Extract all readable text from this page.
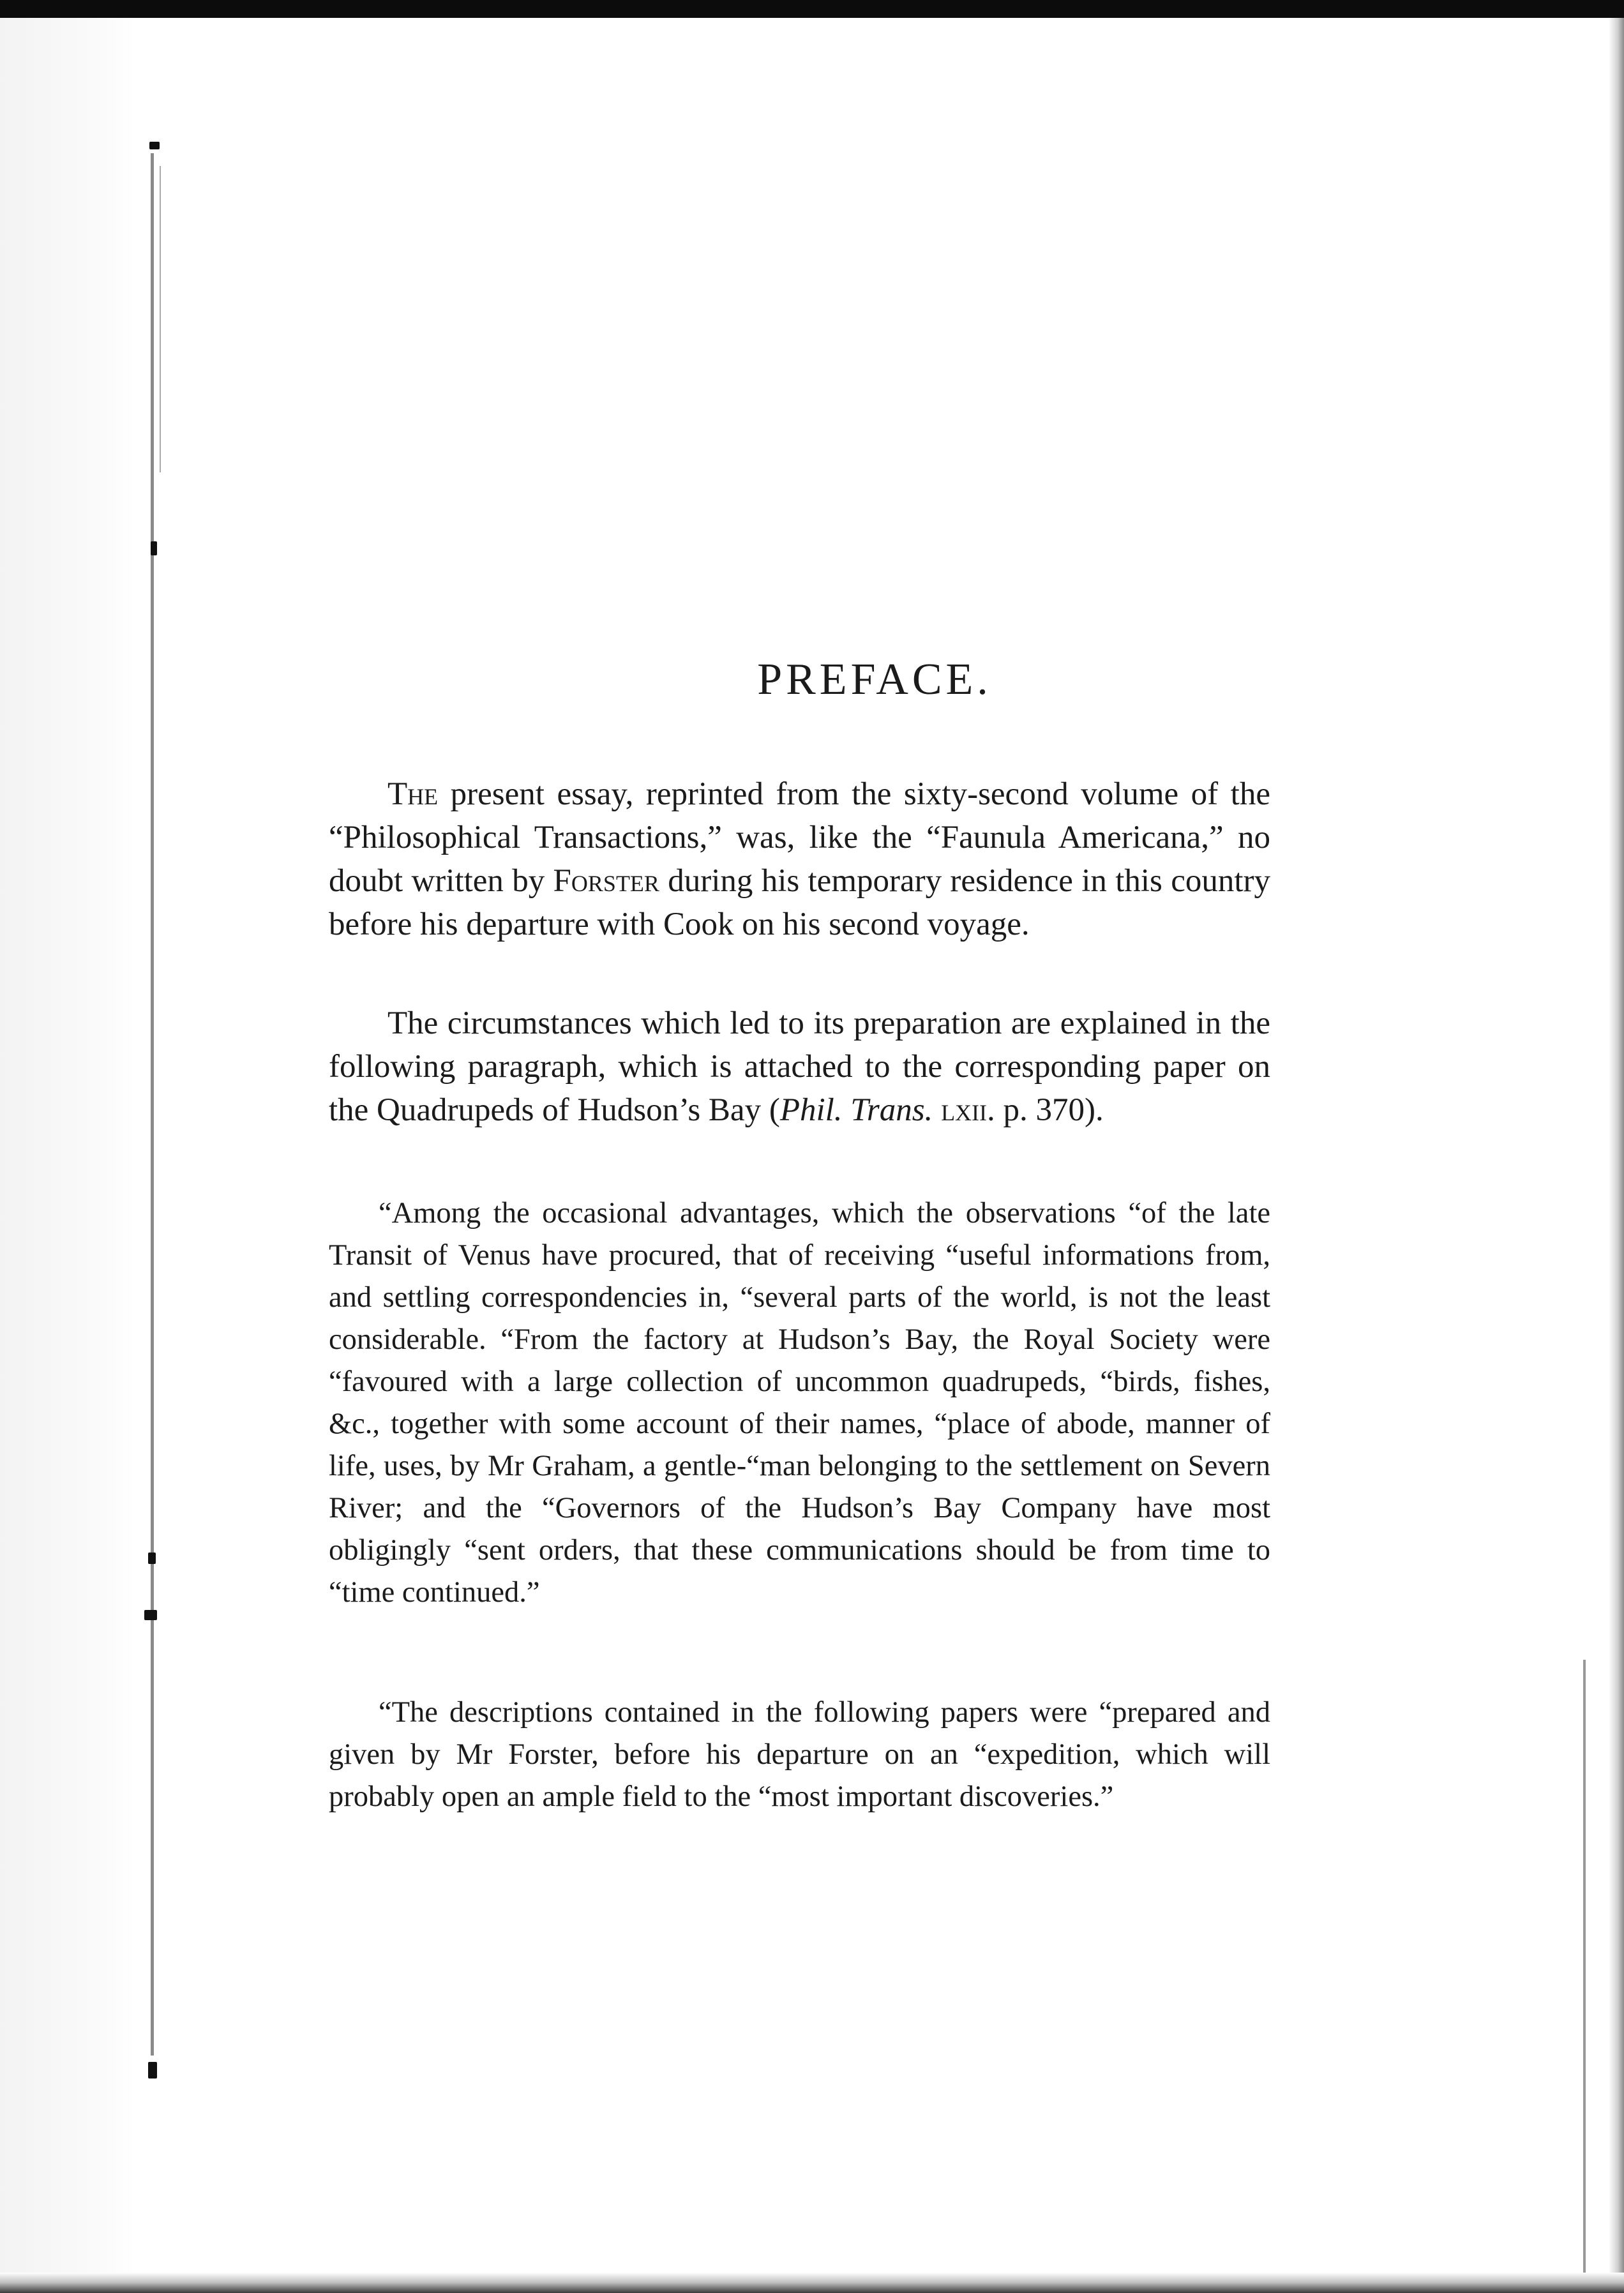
PREFACE.

The present essay, reprinted from the sixty-second volume of the “Philosophical Transactions,” was, like the “Faunula Americana,” no doubt written by Forster during his temporary residence in this country before his departure with Cook on his second voyage.

The circumstances which led to its preparation are explained in the following paragraph, which is attached to the corresponding paper on the Quadrupeds of Hudson’s Bay (Phil. Trans. lxii. p. 370).

“Among the occasional advantages, which the observations “of the late Transit of Venus have procured, that of receiving “useful informations from, and settling correspondencies in, “several parts of the world, is not the least considerable. “From the factory at Hudson’s Bay, the Royal Society were “favoured with a large collection of uncommon quadrupeds, “birds, fishes, &c., together with some account of their names, “place of abode, manner of life, uses, by Mr Graham, a gentle-“man belonging to the settlement on Severn River; and the “Governors of the Hudson’s Bay Company have most obligingly “sent orders, that these communications should be from time to “time continued.”

“The descriptions contained in the following papers were “prepared and given by Mr Forster, before his departure on an “expedition, which will probably open an ample field to the “most important discoveries.”
